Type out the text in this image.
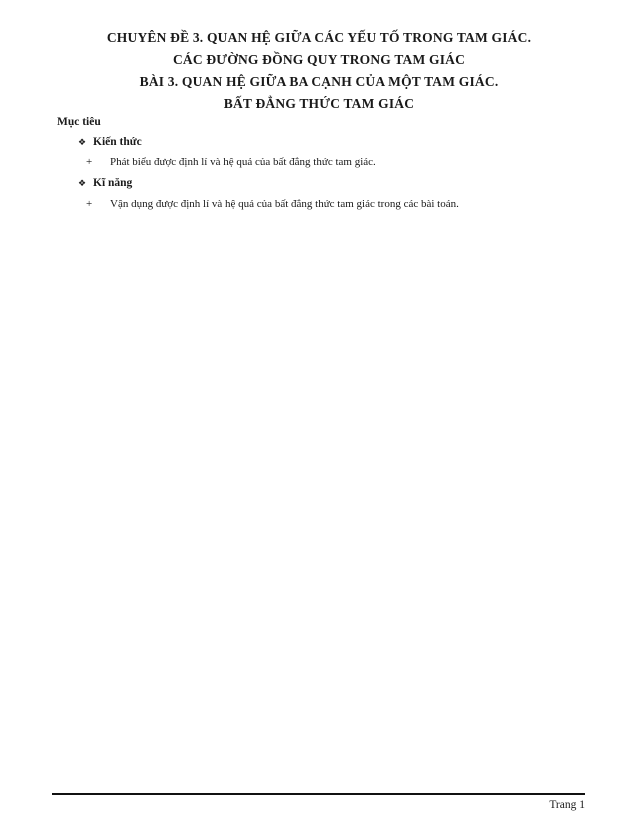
CHUYÊN ĐỀ 3. QUAN HỆ GIỮA CÁC YẾU TỐ TRONG TAM GIÁC.
CÁC ĐƯỜNG ĐỒNG QUY TRONG TAM GIÁC
BÀI 3. QUAN HỆ GIỮA BA CẠNH CỦA MỘT TAM GIÁC.
BẤT ĐẲNG THỨC TAM GIÁC
Mục tiêu
❖ Kiến thức
+ Phát biểu được định lí và hệ quả của bất đẳng thức tam giác.
❖ Kĩ năng
+ Vận dụng được định lí và hệ quả của bất đẳng thức tam giác trong các bài toán.
Trang 1
